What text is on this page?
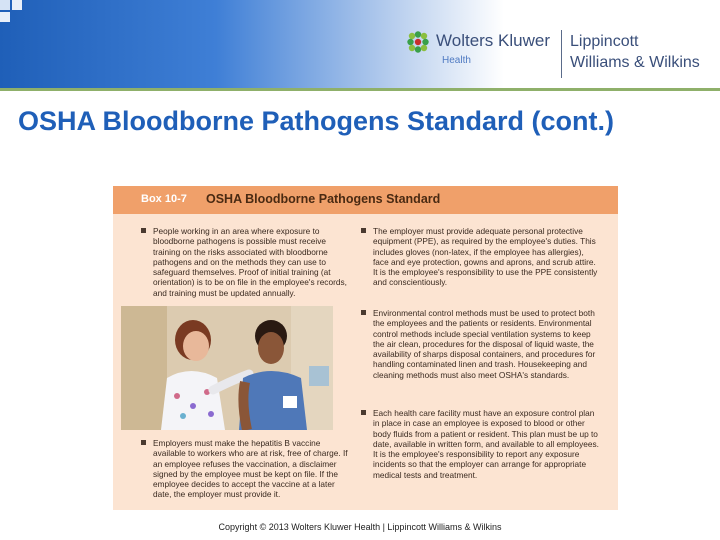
Wolters Kluwer
Health
Lippincott
Williams & Wilkins
OSHA Bloodborne Pathogens Standard (cont.)
Box 10-7 OSHA Bloodborne Pathogens Standard
People working in an area where exposure to bloodborne pathogens is possible must receive training on the risks associated with bloodborne pathogens and on the methods they can use to safeguard themselves. Proof of initial training (at orientation) is to be on file in the employee's records, and training must be updated annually.
Employers must make the hepatitis B vaccine available to workers who are at risk, free of charge. If an employee refuses the vaccination, a disclaimer signed by the employee must be kept on file. If the employee decides to accept the vaccine at a later date, the employer must provide it.
The employer must provide adequate personal protective equipment (PPE), as required by the employee's duties. This includes gloves (non-latex, if the employee has allergies), face and eye protection, gowns and aprons, and scrub attire. It is the employee's responsibility to use the PPE consistently and conscientiously.
Environmental control methods must be used to protect both the employees and the patients or residents. Environmental control methods include special ventilation systems to keep the air clean, procedures for the disposal of liquid waste, the availability of sharps disposal containers, and procedures for handling contaminated linen and trash. Housekeeping and cleaning methods must also meet OSHA's standards.
Each health care facility must have an exposure control plan in place in case an employee is exposed to blood or other body fluids from a patient or resident. This plan must be up to date, available in written form, and available to all employees. It is the employee's responsibility to report any exposure incidents so that the employer can arrange for appropriate medical tests and treatment.
Copyright © 2013 Wolters Kluwer Health | Lippincott Williams & Wilkins
